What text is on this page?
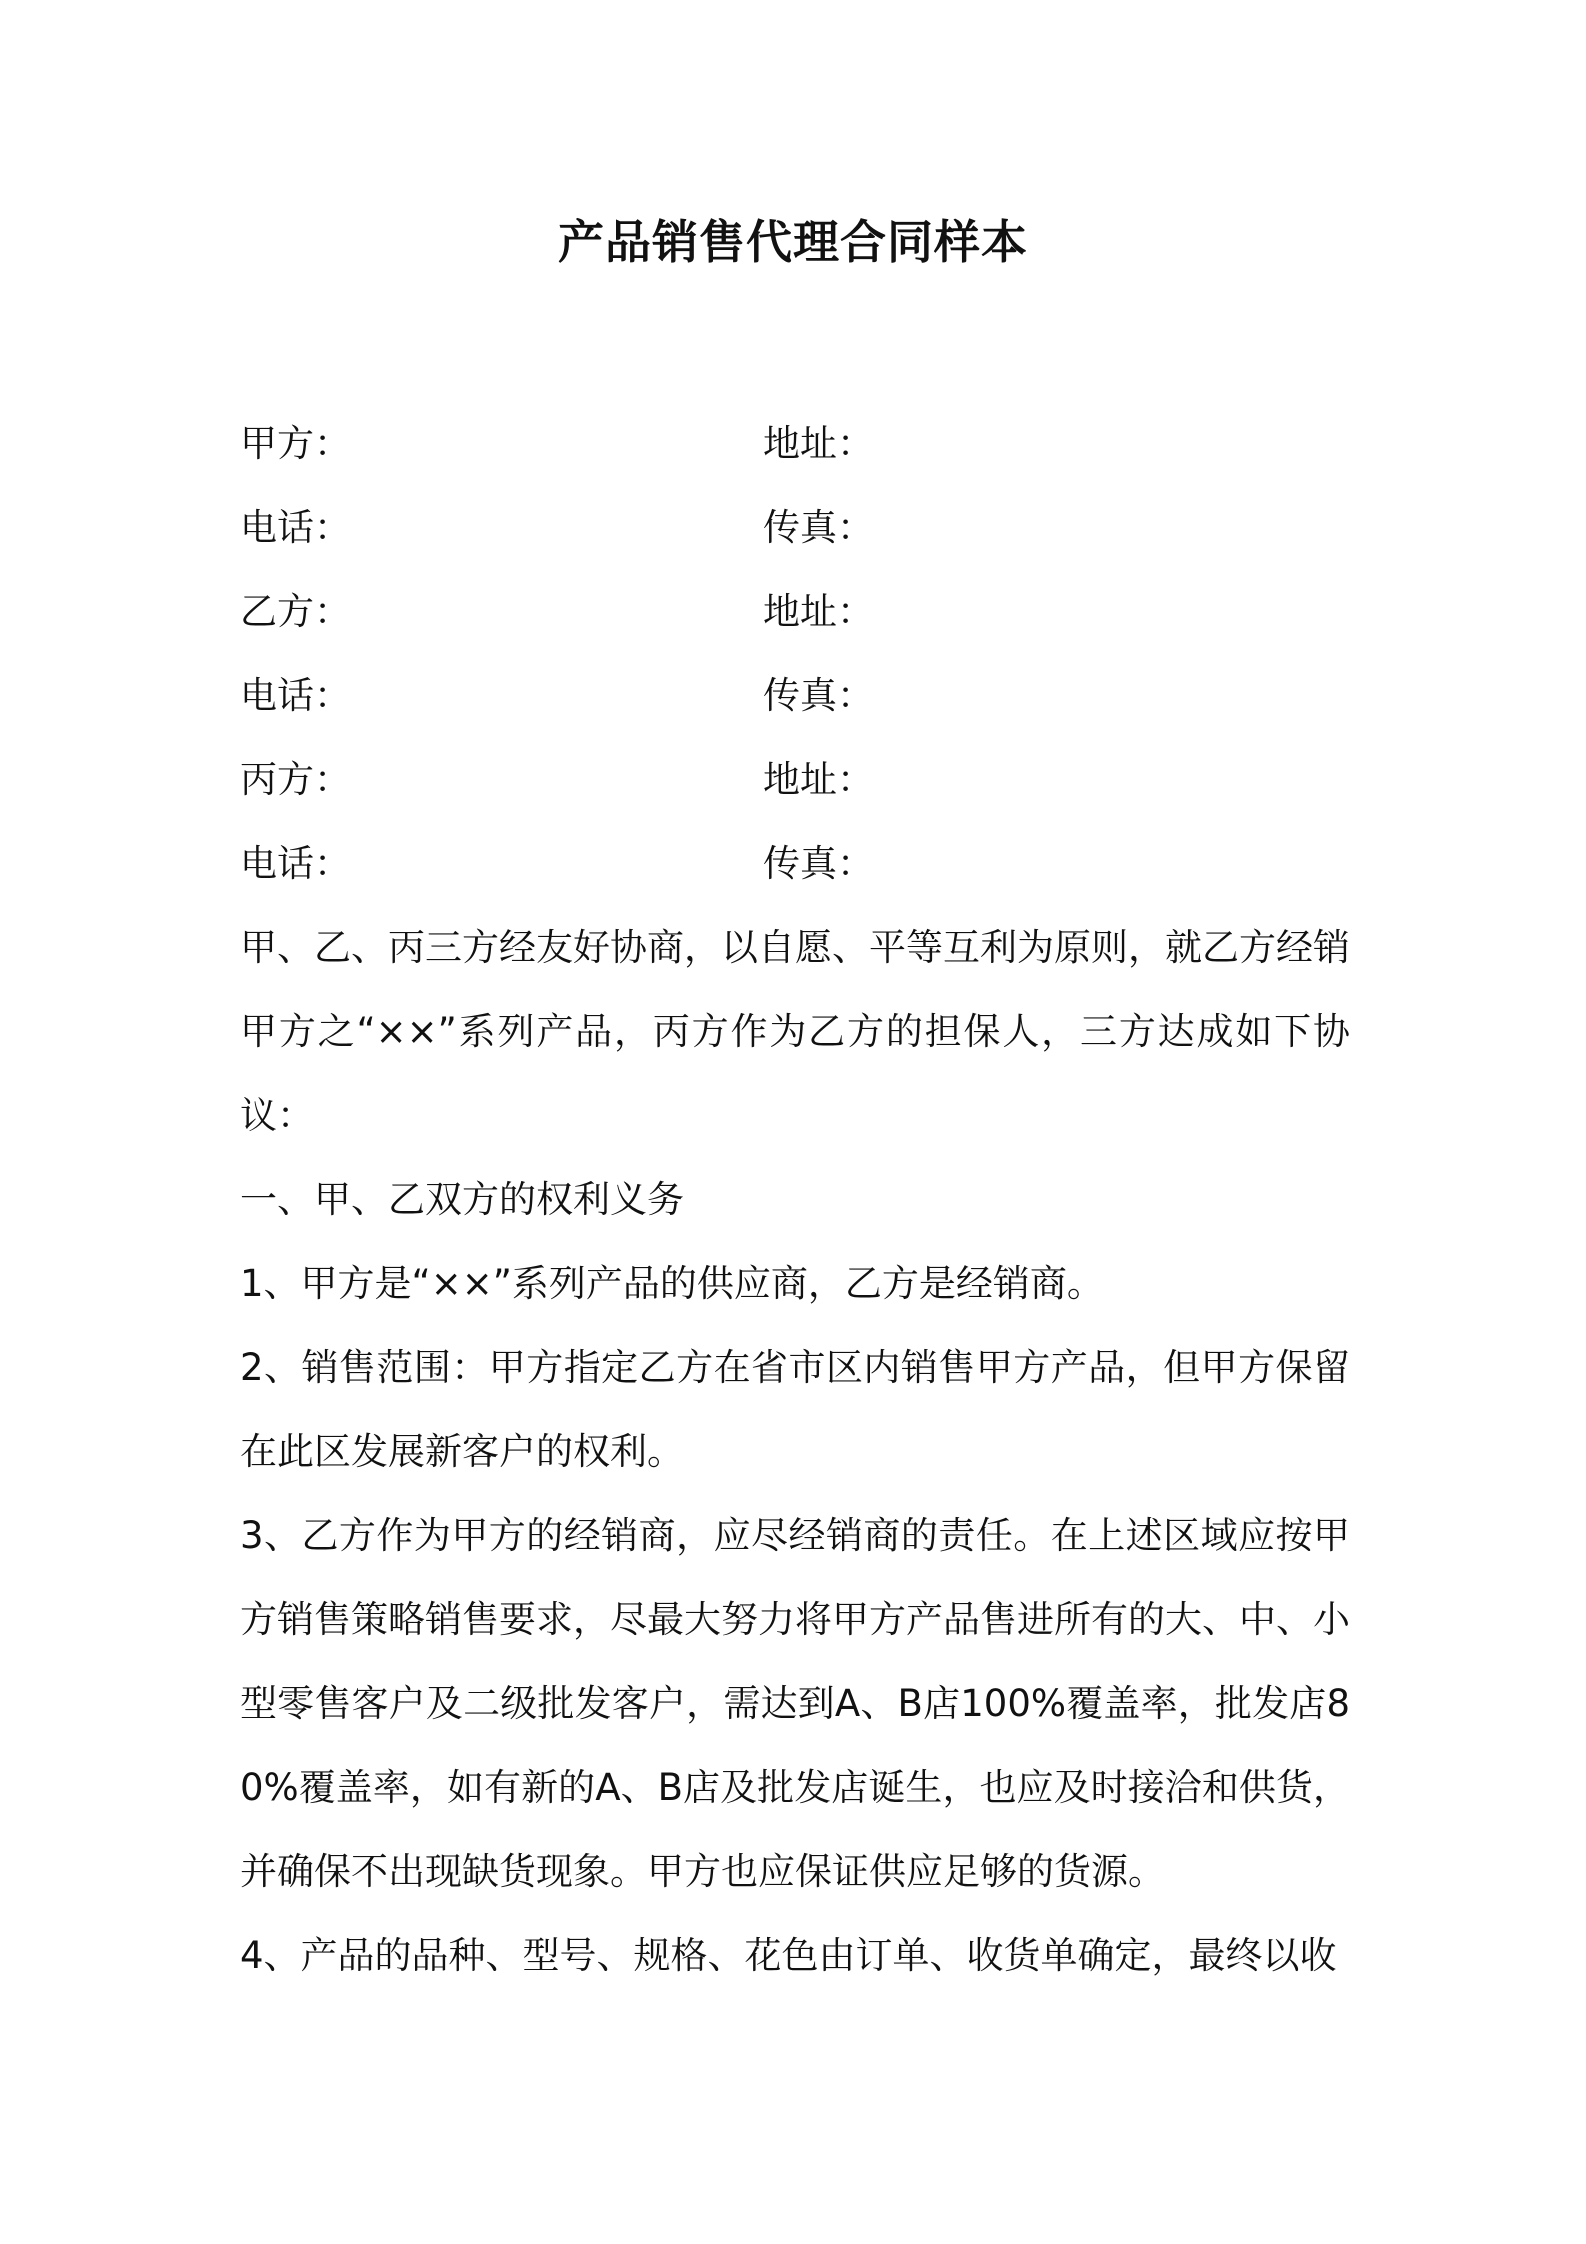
产品销售代理合同样本
甲方：	地址：
电话：	传真：
乙方：	地址：
电话：	传真：
丙方：	地址：
电话：	传真：

甲、乙、丙三方经友好协商，以自愿、平等互利为原则，就乙方经销甲方之“××”系列产品，丙方作为乙方的担保人，三方达成如下协议：

一、甲、乙双方的权利义务

1、甲方是“××”系列产品的供应商，乙方是经销商。

2、销售范围：甲方指定乙方在省市区内销售甲方产品，但甲方保留在此区发展新客户的权利。

3、乙方作为甲方的经销商，应尽经销商的责任。在上述区域应按甲方销售策略销售要求，尽最大努力将甲方产品售进所有的大、中、小型零售客户及二级批发客户，需达到A、B店100%覆盖率，批发店80%覆盖率，如有新的A、B店及批发店诞生，也应及时接洽和供货，并确保不出现缺货现象。甲方也应保证供应足够的货源。

4、产品的品种、型号、规格、花色由订单、收货单确定，最终以收
